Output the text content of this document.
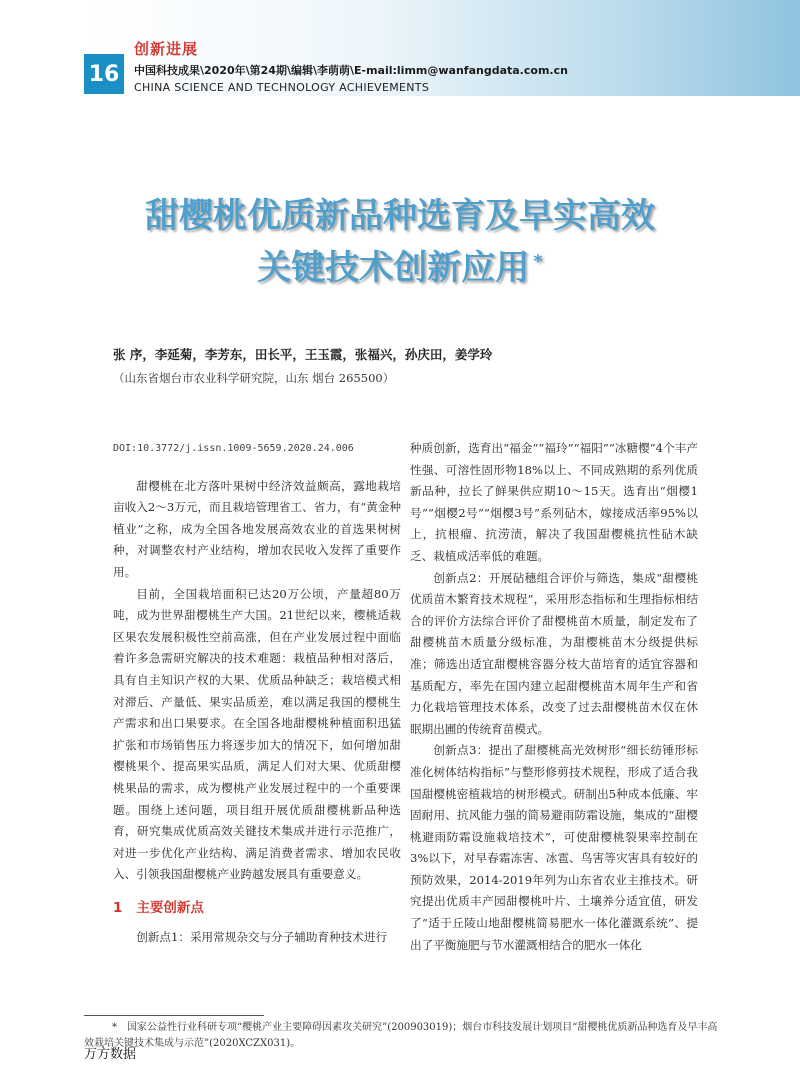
16
创新进展
中国科技成果\2020年\第24期\编辑\李萌萌\E-mail:limm@wanfangdata.com.cn
CHINA SCIENCE AND TECHNOLOGY ACHIEVEMENTS
甜樱桃优质新品种选育及早实高效
关键技术创新应用 *
张 序，李延菊，李芳东，田长平，王玉霞，张福兴，孙庆田，姜学玲
（山东省烟台市农业科学研究院，山东 烟台 265500）

DOI:10.3772/j.issn.1009-5659.2020.24.006

甜樱桃在北方落叶果树中经济效益颇高，露地栽培亩收入2～3万元，而且栽培管理省工、省力，有“黄金种植业”之称，成为全国各地发展高效农业的首选果树树种，对调整农村产业结构，增加农民收入发挥了重要作用。

目前，全国栽培面积已达20万公顷，产量超80万吨，成为世界甜樱桃生产大国。21世纪以来，樱桃适栽区果农发展积极性空前高涨，但在产业发展过程中面临着许多急需研究解决的技术难题：栽植品种相对落后，具有自主知识产权的大果、优质品种缺乏；栽培模式相对滞后、产量低、果实品质差，难以满足我国的樱桃生产需求和出口果要求。在全国各地甜樱桃种植面积迅猛扩张和市场销售压力将逐步加大的情况下，如何增加甜樱桃果个、提高果实品质，满足人们对大果、优质甜樱桃果品的需求，成为樱桃产业发展过程中的一个重要课题。围绕上述问题，项目组开展优质甜樱桃新品种选育，研究集成优质高效关键技术集成并进行示范推广，对进一步优化产业结构、满足消费者需求、增加农民收入、引领我国甜樱桃产业跨越发展具有重要意义。

1 主要创新点

创新点1：采用常规杂交与分子辅助育种技术进行

种质创新，选育出“福金”“福玲”“福阳”“冰糖樱”4个丰产性强、可溶性固形物18%以上、不同成熟期的系列优质新品种，拉长了鲜果供应期10～15天。选育出“烟樱1号”“烟樱2号”“烟樱3号”系列砧木，嫁接成活率95%以上，抗根瘤、抗涝渍，解决了我国甜樱桃抗性砧木缺乏、栽植成活率低的难题。

创新点2：开展砧穗组合评价与筛选，集成“甜樱桃优质苗木繁育技术规程”，采用形态指标和生理指标相结合的评价方法综合评价了甜樱桃苗木质量，制定发布了甜樱桃苗木质量分级标准，为甜樱桃苗木分级提供标准；筛选出适宜甜樱桃容器分枝大苗培育的适宜容器和基质配方，率先在国内建立起甜樱桃苗木周年生产和省力化栽培管理技术体系，改变了过去甜樱桃苗木仅在休眠期出圃的传统育苗模式。

创新点3：提出了甜樱桃高光效树形“细长纺锤形标准化树体结构指标”与整形修剪技术规程，形成了适合我国甜樱桃密植栽培的树形模式。研制出5种成本低廉、牢固耐用、抗风能力强的简易避雨防霜设施，集成的“甜樱桃避雨防霜设施栽培技术”，可使甜樱桃裂果率控制在3%以下，对早春霜冻害、冰雹、鸟害等灾害具有较好的预防效果，2014-2019年列为山东省农业主推技术。研究提出优质丰产园甜樱桃叶片、土壤养分适宜值，研发了“适于丘陵山地甜樱桃简易肥水一体化灌溉系统”、提出了平衡施肥与节水灌溉相结合的肥水一体化

* 国家公益性行业科研专项“樱桃产业主要障碍因素攻关研究”(200903019)；烟台市科技发展计划项目“甜樱桃优质新品种选育及早丰高效栽培关键技术集成与示范”(2020XCZX031)。
万方数据
